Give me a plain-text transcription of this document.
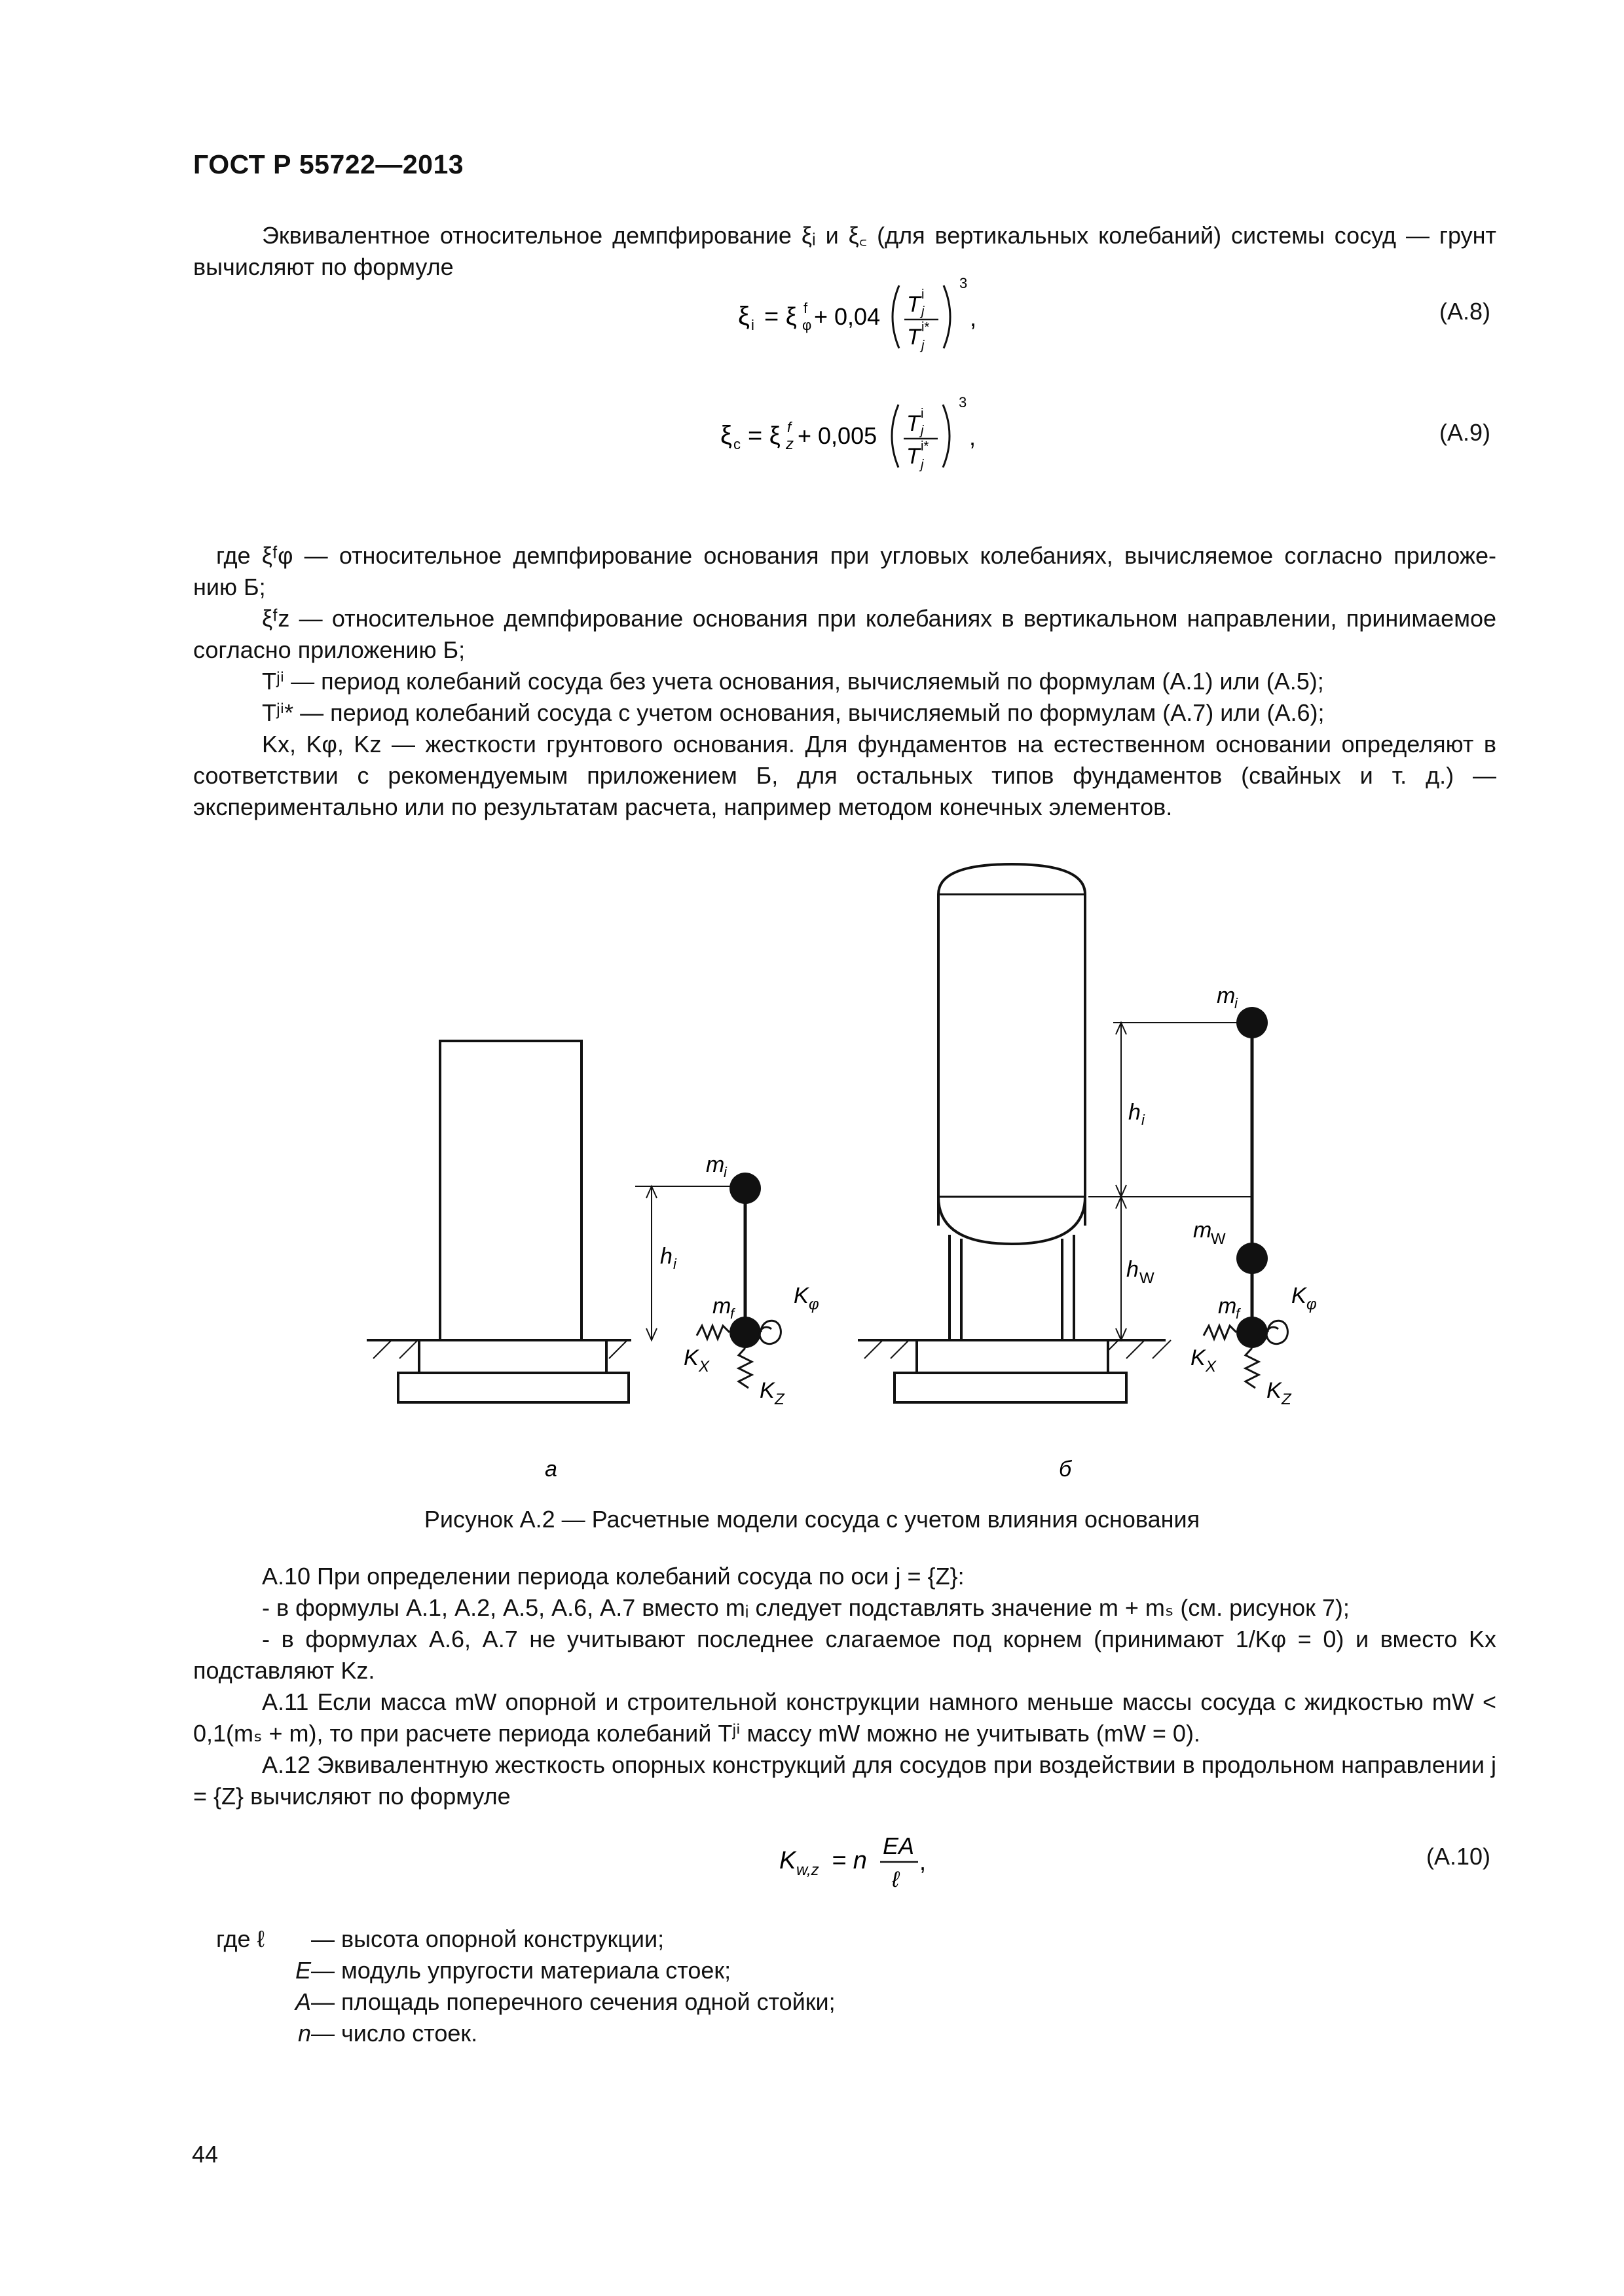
ГОСТ Р 55722—2013
Эквивалентное относительное демпфирование ξᵢ и ξ꜀ (для вертикальных колебаний) системы сосуд — грунт вычисляют по формуле
ξ i = ξ f
φ + 0,04 T i
j
T i*
j
3
,	(A.8)
ξ c = ξ f
z + 0,005 T i
j
T i*
j
3
,	(A.9)
где ξᶠφ — относительное демпфирование основания при угловых колебаниях, вычисляемое согласно приложе-
нию Б;
ξᶠz — относительное демпфирование основания при колебаниях в вертикальном направлении, принимаемое
согласно приложению Б;
Tʲⁱ — период колебаний сосуда без учета основания, вычисляемый по формулам (А.1) или (А.5);
Tʲⁱ* — период колебаний сосуда с учетом основания, вычисляемый по формулам (А.7) или (А.6);
Kx, Kφ, Kz — жесткости грунтового основания. Для фундаментов на естественном основании определяют в соответствии с рекомендуемым приложением Б, для остальных типов фундаментов (свайных и т. д.) — экспериментально или по результатам расчета, например методом конечных элементов.
m
i
h i
m
f
K φ
K X
K Z
а
m
i
h i
m
W
h W
m
f
K φ
K X
K Z
б
Рисунок А.2 — Расчетные модели сосуда с учетом влияния основания
А.10 При определении периода колебаний сосуда по оси j = {Z}:
- в формулы А.1, А.2, А.5, А.6, А.7 вместо mᵢ следует подставлять значение m + mₛ (см. рисунок 7);
- в формулах А.6, А.7 не учитывают последнее слагаемое под корнем (принимают 1/Kφ = 0) и вместо Kx подставляют Kz.
А.11 Если масса mW опорной и строительной конструкции намного меньше массы сосуда с жидкостью mW < 0,1(mₛ + m), то при расчете периода колебаний Tʲⁱ массу mW можно не учитывать (mW = 0).
А.12 Эквивалентную жесткость опорных конструкций для сосудов при воздействии в продольном направлении j = {Z} вычисляют по формуле
K w,z = n
EA
ℓ
,	(A.10)
где ℓ — высота опорной конструкции;
E— модуль упругости материала стоек;
A— площадь поперечного сечения одной стойки;
n— число стоек.
44
